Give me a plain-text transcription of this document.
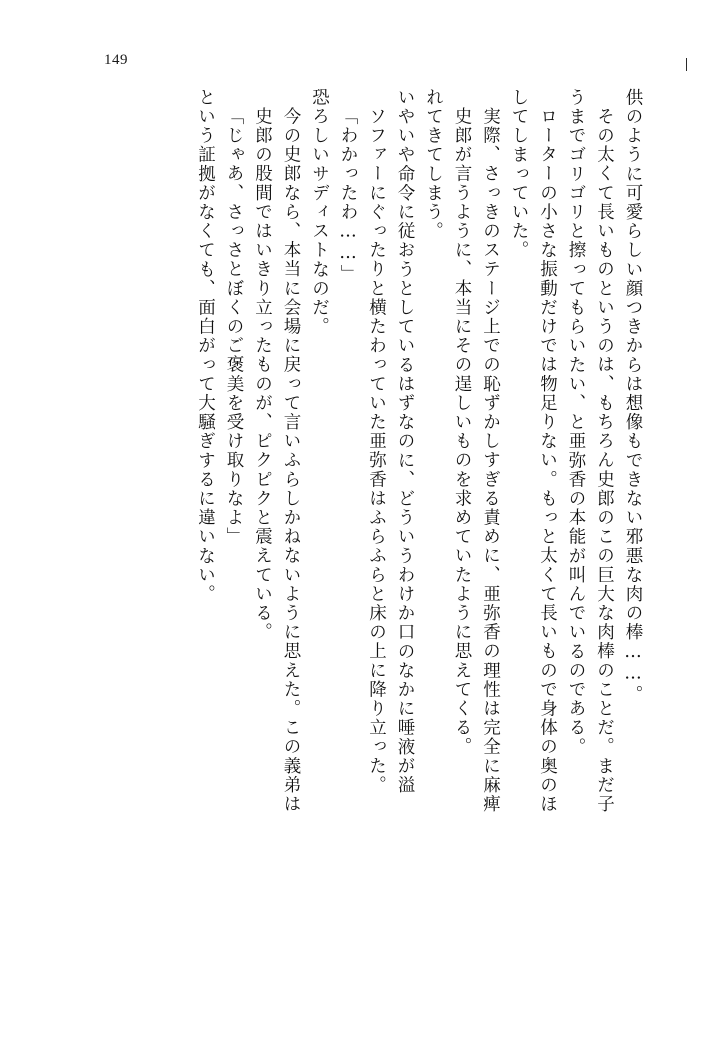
149
という証拠がなくても、面白がって大騒ぎするに違いない。 「じゃあ、さっさとぼくのご褒美を受け取りなよ」 史郎の股間ではいきり立ったものが、ピクピクと震えている。 今の史郎なら、本当に会場に戻って言いふらしかねないように思えた。この義弟は 恐ろしいサディストなのだ。 「わかったわ……」 ソファーにぐったりと横たわっていた亜弥香はふらふらと床の上に降り立った。 いやいや命令に従おうとしているはずなのに、どういうわけか口のなかに唾液が溢 れてきてしまう。 史郎が言うように、本当にその逞しいものを求めていたように思えてくる。 実際、さっきのステージ上での恥ずかしすぎる責めに、亜弥香の理性は完全に麻痺 してしまっていた。 ローターの小さな振動だけでは物足りない。もっと太くて長いもので身体の奥のほ うまでゴリゴリと擦ってもらいたい、と亜弥香の本能が叫んでいるのである。 その太くて長いものというのは、もちろん史郎のこの巨大な肉棒のことだ。まだ子 供のように可愛らしい顔つきからは想像もできない邪悪な肉の棒……。
